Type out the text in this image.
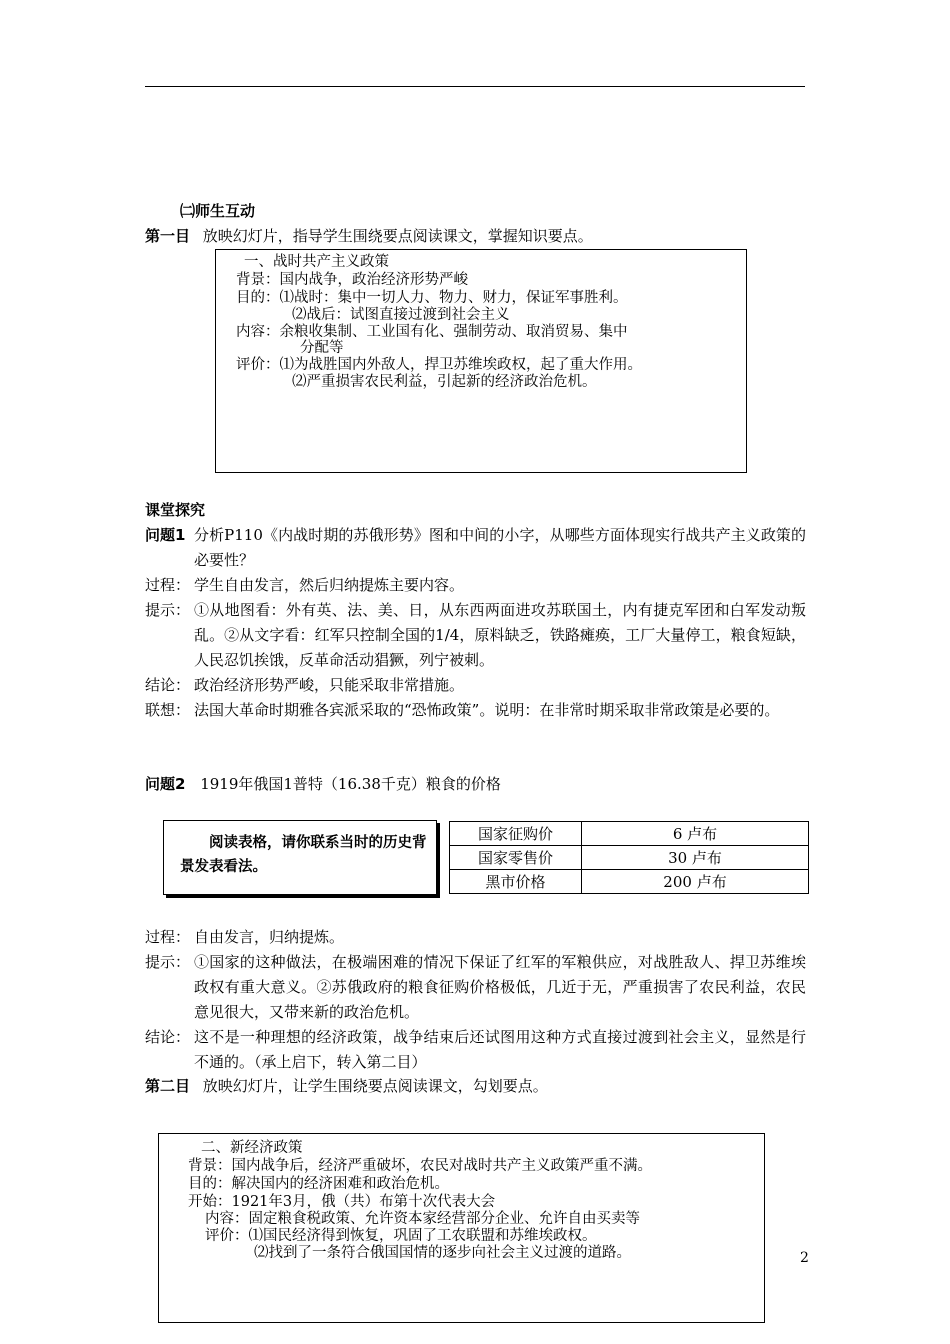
㈡师生互动
第一目 放映幻灯片，指导学生围绕要点阅读课文，掌握知识要点。
一、战时共产主义政策
背景：国内战争，政治经济形势严峻
目的：⑴战时：集中一切人力、物力、财力，保证军事胜利。
⑵战后：试图直接过渡到社会主义
内容：余粮收集制、工业国有化、强制劳动、取消贸易、集中
分配等
评价：⑴为战胜国内外敌人，捍卫苏维埃政权，起了重大作用。
⑵严重损害农民利益，引起新的经济政治危机。
课堂探究
问题1 分析P110《内战时期的苏俄形势》图和中间的小字，从哪些方面体现实行战共产主义政策的必要性？
过程： 学生自由发言，然后归纳提炼主要内容。
提示： ①从地图看：外有英、法、美、日，从东西两面进攻苏联国土，内有捷克军团和白军发动叛乱。②从文字看：红军只控制全国的1/4，原料缺乏，铁路瘫痪，工厂大量停工，粮食短缺，人民忍饥挨饿，反革命活动猖獗，列宁被刺。
结论： 政治经济形势严峻，只能采取非常措施。
联想： 法国大革命时期雅各宾派采取的“恐怖政策”。说明：在非常时期采取非常政策是必要的。
问题2 1919年俄国1普特（16.38千克）粮食的价格
阅读表格，请你联系当时的历史背景发表看法。
国家征购价	6 卢布
国家零售价	30 卢布
黑市价格	200 卢布
过程： 自由发言，归纳提炼。
提示： ①国家的这种做法，在极端困难的情况下保证了红军的军粮供应，对战胜敌人、捍卫苏维埃政权有重大意义。②苏俄政府的粮食征购价格极低，几近于无，严重损害了农民利益，农民意见很大，又带来新的政治危机。
结论： 这不是一种理想的经济政策，战争结束后还试图用这种方式直接过渡到社会主义，显然是行不通的。（承上启下，转入第二目）
第二目 放映幻灯片，让学生围绕要点阅读课文，勾划要点。
二、新经济政策
背景：国内战争后，经济严重破坏，农民对战时共产主义政策严重不满。
目的：解决国内的经济困难和政治危机。
开始：1921年3月，俄（共）布第十次代表大会
内容：固定粮食税政策、允许资本家经营部分企业、允许自由买卖等
评价：⑴国民经济得到恢复，巩固了工农联盟和苏维埃政权。
⑵找到了一条符合俄国国情的逐步向社会主义过渡的道路。	2
